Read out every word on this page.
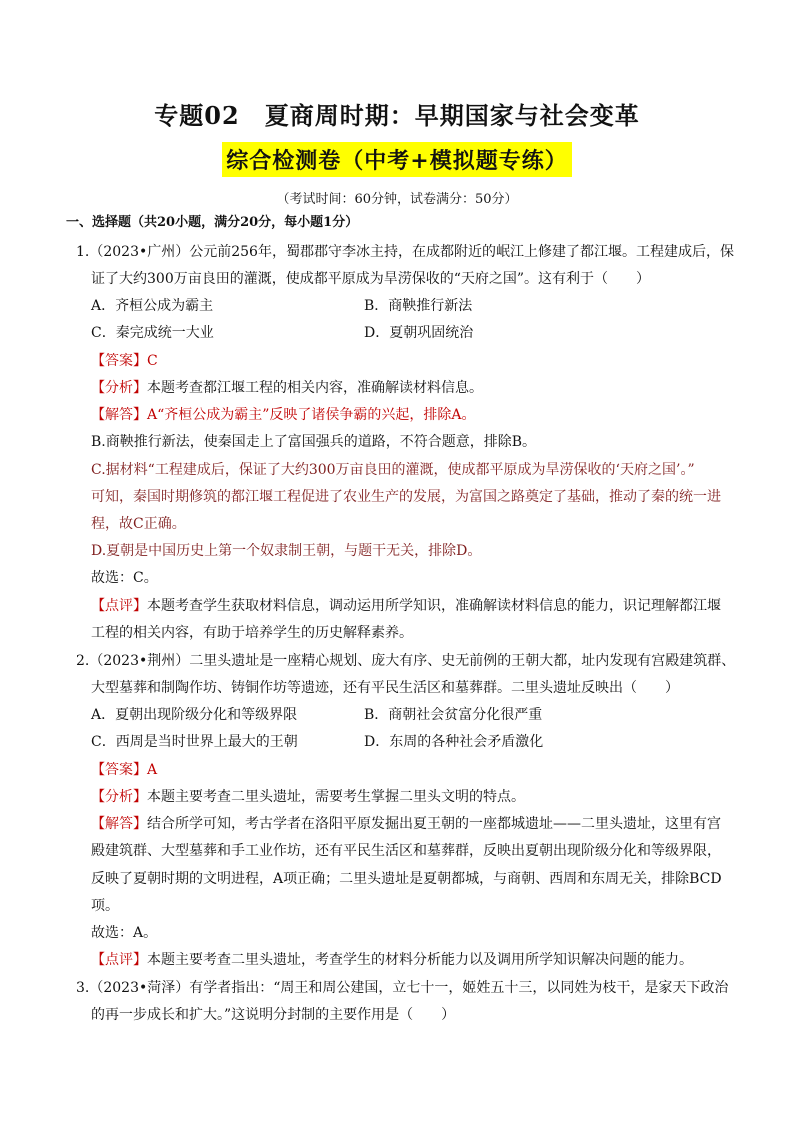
专题02　夏商周时期：早期国家与社会变革
综合检测卷（中考+模拟题专练）
（考试时间：60分钟，试卷满分：50分）
一、选择题（共20小题，满分20分，每小题1分）
1.（2023•广州）公元前256年，蜀郡郡守李冰主持，在成都附近的岷江上修建了都江堰。工程建成后，保
证了大约300万亩良田的灌溉，使成都平原成为旱涝保收的“天府之国”。这有利于（　　）
A．齐桓公成为霸主	B．商鞅推行新法
C．秦完成统一大业	D．夏朝巩固统治
【答案】C
【分析】本题考查都江堰工程的相关内容，准确解读材料信息。
【解答】A“齐桓公成为霸主”反映了诸侯争霸的兴起，排除A。
B.商鞅推行新法，使秦国走上了富国强兵的道路，不符合题意，排除B。
C.据材料“工程建成后，保证了大约300万亩良田的灌溉，使成都平原成为旱涝保收的‘天府之国’。”
可知，秦国时期修筑的都江堰工程促进了农业生产的发展，为富国之路奠定了基础，推动了秦的统一进
程，故C正确。
D.夏朝是中国历史上第一个奴隶制王朝，与题干无关，排除D。
故选：C。
【点评】本题考查学生获取材料信息，调动运用所学知识，准确解读材料信息的能力，识记理解都江堰
工程的相关内容，有助于培养学生的历史解释素养。
2.（2023•荆州）二里头遗址是一座精心规划、庞大有序、史无前例的王朝大都，址内发现有宫殿建筑群、
大型墓葬和制陶作坊、铸铜作坊等遗迹，还有平民生活区和墓葬群。二里头遗址反映出（　　）
A．夏朝出现阶级分化和等级界限	B．商朝社会贫富分化很严重
C．西周是当时世界上最大的王朝	D．东周的各种社会矛盾激化
【答案】A
【分析】本题主要考查二里头遗址，需要考生掌握二里头文明的特点。
【解答】结合所学可知，考古学者在洛阳平原发掘出夏王朝的一座都城遗址——二里头遗址，这里有宫
殿建筑群、大型墓葬和手工业作坊，还有平民生活区和墓葬群，反映出夏朝出现阶级分化和等级界限，
反映了夏朝时期的文明进程，A项正确；二里头遗址是夏朝都城，与商朝、西周和东周无关，排除BCD
项。
故选：A。
【点评】本题主要考查二里头遗址，考查学生的材料分析能力以及调用所学知识解决问题的能力。
3.（2023•菏泽）有学者指出：“周王和周公建国，立七十一，姬姓五十三，以同姓为枝干，是家天下政治
的再一步成长和扩大。”这说明分封制的主要作用是（　　）
